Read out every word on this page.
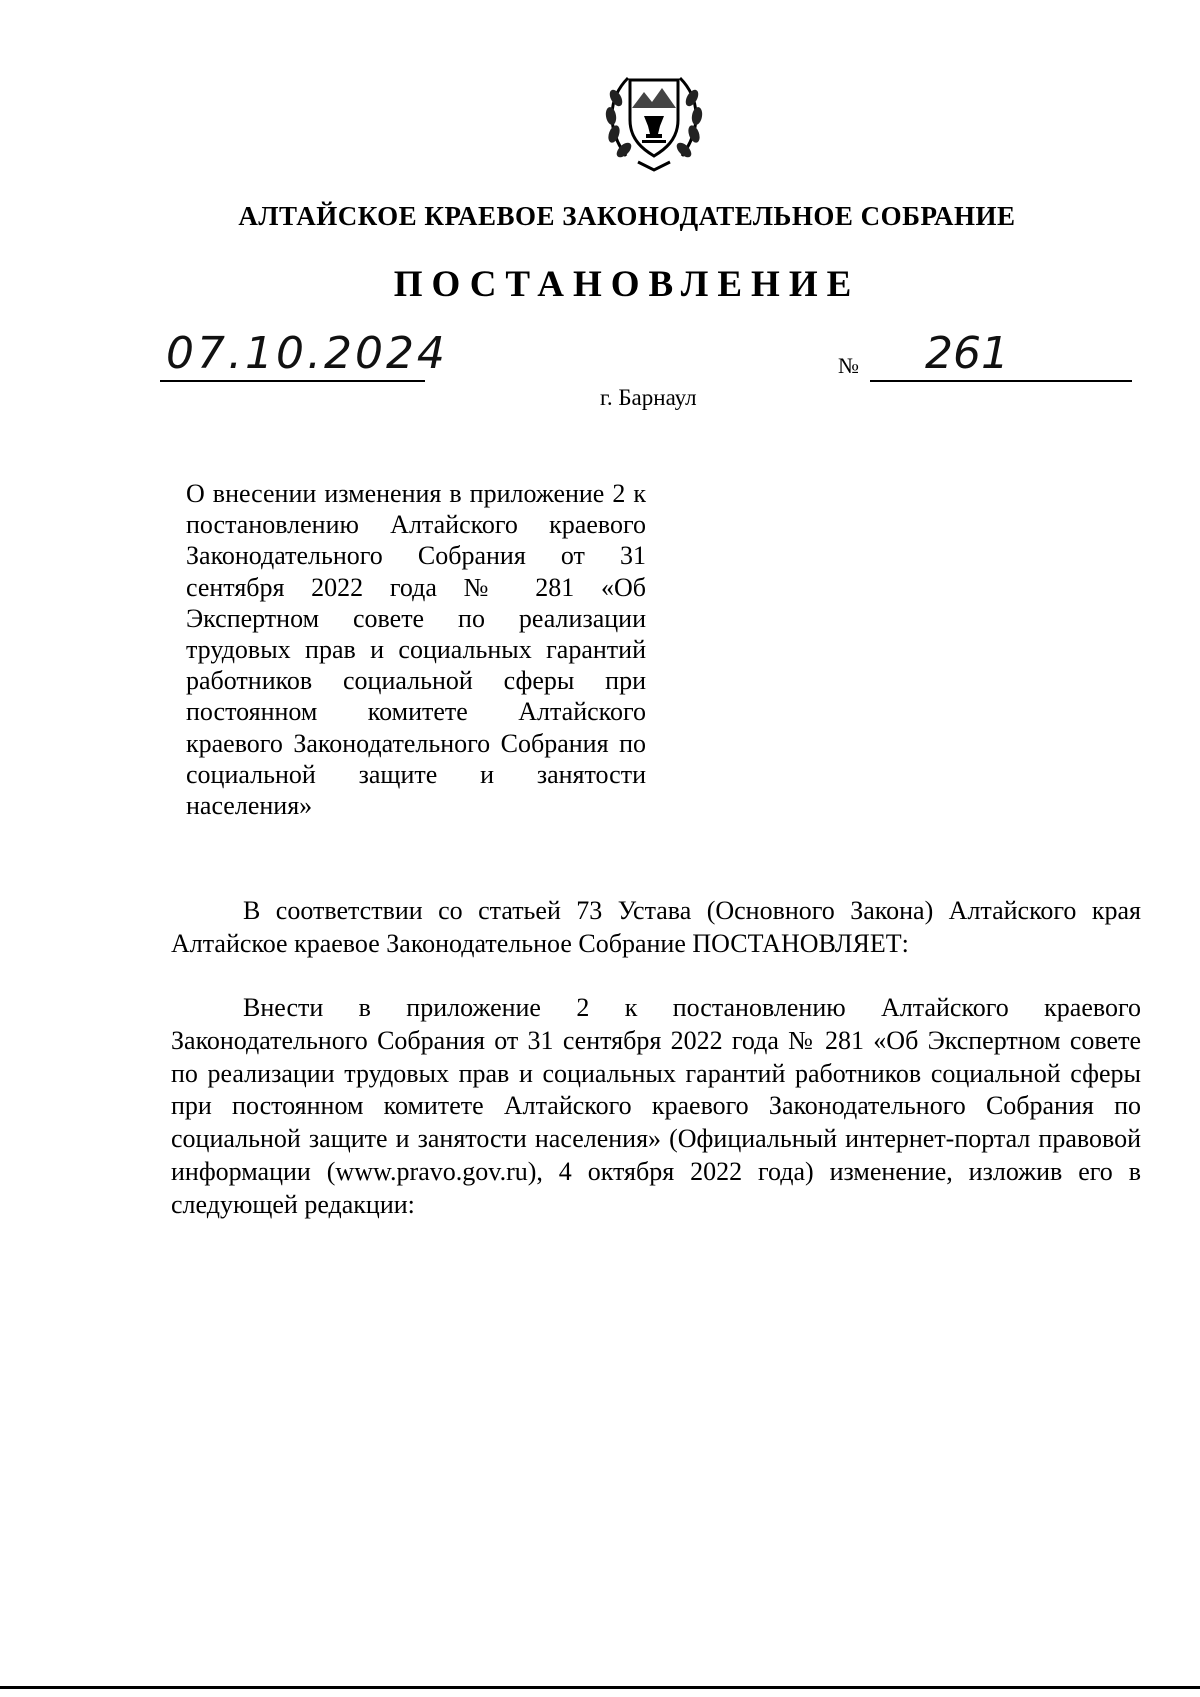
АЛТАЙСКОЕ КРАЕВОЕ ЗАКОНОДАТЕЛЬНОЕ СОБРАНИЕ
ПОСТАНОВЛЕНИЕ
07.10.2024	№ 261
г. Барнаул
О внесении изменения в приложение 2 к постановлению Алтайского краевого Законодательного Собрания от 31 сентября 2022 года № 281 «Об Экспертном совете по реализации трудовых прав и социальных гарантий работников социальной сферы при постоянном комитете Алтайского краевого Законодательного Собрания по социальной защите и занятости населения»

В соответствии со статьей 73 Устава (Основного Закона) Алтайского края Алтайское краевое Законодательное Собрание ПОСТАНОВЛЯЕТ:

Внести в приложение 2 к постановлению Алтайского краевого Законодательного Собрания от 31 сентября 2022 года № 281 «Об Экспертном совете по реализации трудовых прав и социальных гарантий работников социальной сферы при постоянном комитете Алтайского краевого Законодательного Собрания по социальной защите и занятости населения» (Официальный интернет-портал правовой информации (www.pravo.gov.ru), 4 октября 2022 года) изменение, изложив его в следующей редакции:
